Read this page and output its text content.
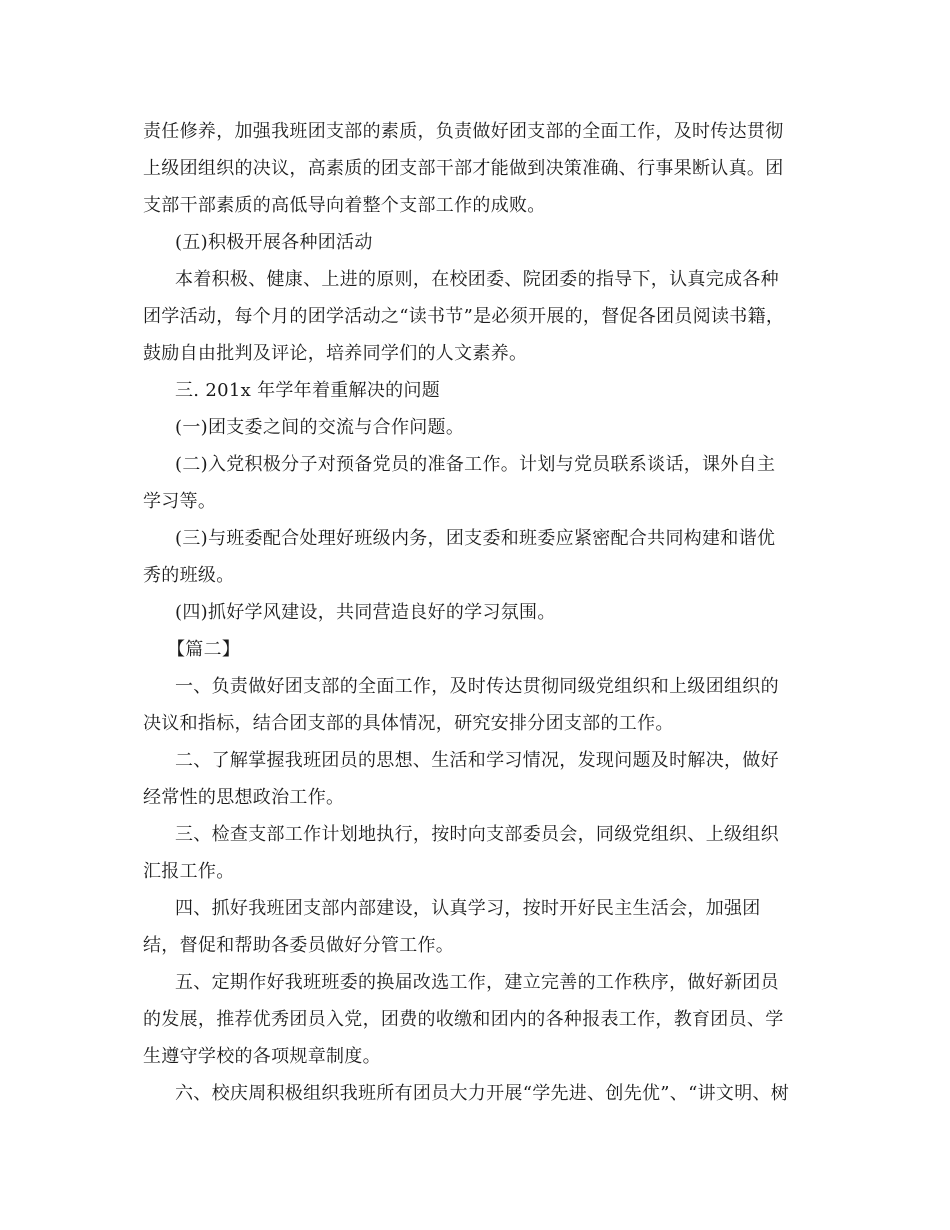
责任修养，加强我班团支部的素质，负责做好团支部的全面工作，及时传达贯彻
上级团组织的决议，高素质的团支部干部才能做到决策准确、行事果断认真。团
支部干部素质的高低导向着整个支部工作的成败。
(五)积极开展各种团活动
本着积极、健康、上进的原则，在校团委、院团委的指导下，认真完成各种
团学活动，每个月的团学活动之“读书节”是必须开展的，督促各团员阅读书籍，
鼓励自由批判及评论，培养同学们的人文素养。
三. 201x 年学年着重解决的问题
(一)团支委之间的交流与合作问题。
(二)入党积极分子对预备党员的准备工作。计划与党员联系谈话，课外自主
学习等。
(三)与班委配合处理好班级内务，团支委和班委应紧密配合共同构建和谐优
秀的班级。
(四)抓好学风建设，共同营造良好的学习氛围。
【篇二】
一、负责做好团支部的全面工作，及时传达贯彻同级党组织和上级团组织的
决议和指标，结合团支部的具体情况，研究安排分团支部的工作。
二、了解掌握我班团员的思想、生活和学习情况，发现问题及时解决，做好
经常性的思想政治工作。
三、检查支部工作计划地执行，按时向支部委员会，同级党组织、上级组织
汇报工作。
四、抓好我班团支部内部建设，认真学习，按时开好民主生活会，加强团
结，督促和帮助各委员做好分管工作。
五、定期作好我班班委的换届改选工作，建立完善的工作秩序，做好新团员
的发展，推荐优秀团员入党，团费的收缴和团内的各种报表工作，教育团员、学
生遵守学校的各项规章制度。
六、校庆周积极组织我班所有团员大力开展“学先进、创先优”、“讲文明、树
